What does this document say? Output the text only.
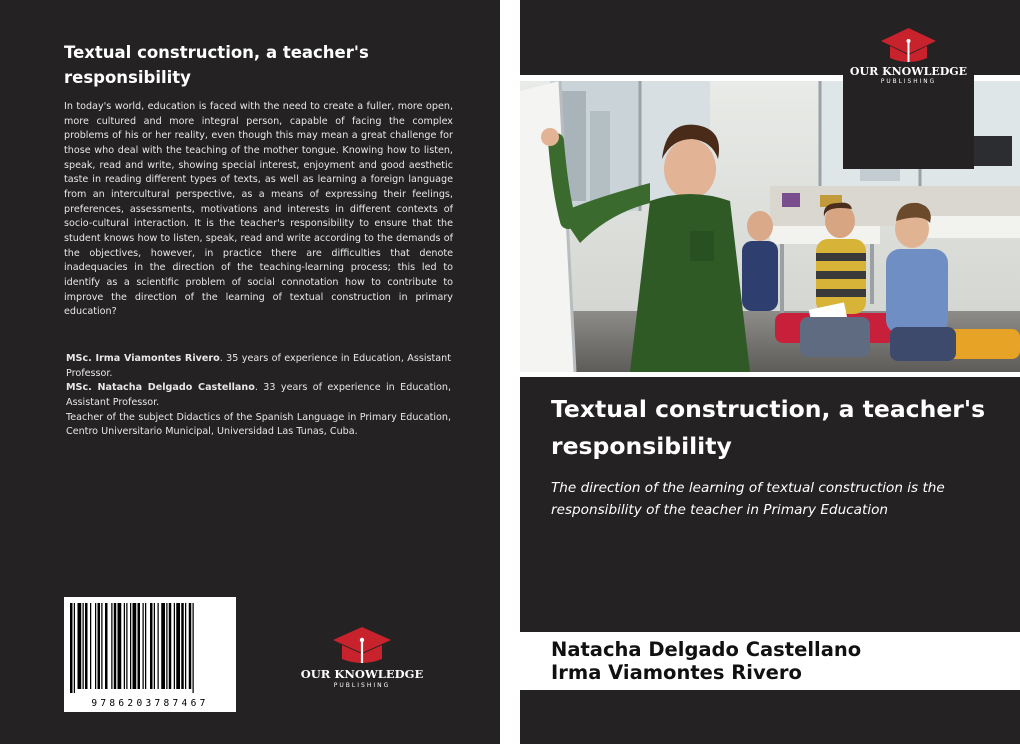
Textual construction, a teacher's responsibility

In today's world, education is faced with the need to create a fuller, more open, more cultured and more integral person, capable of facing the complex problems of his or her reality, even though this may mean a great challenge for those who deal with the teaching of the mother tongue. Knowing how to listen, speak, read and write, showing special interest, enjoyment and good aesthetic taste in reading different types of texts, as well as learning a foreign language from an intercultural perspective, as a means of expressing their feelings, preferences, assessments, motivations and interests in different contexts of socio-cultural interaction. It is the teacher's responsibility to ensure that the student knows how to listen, speak, read and write according to the demands of the objectives, however, in practice there are difficulties that denote inadequacies in the direction of the teaching-learning process; this led to identify as a scientific problem of social connotation how to contribute to improve the direction of the learning of textual construction in primary education?

MSc. Irma Viamontes Rivero. 35 years of experience in Education, Assistant Professor.

MSc. Natacha Delgado Castellano. 33 years of experience in Education, Assistant Professor.

Teacher of the subject Didactics of the Spanish Language in Primary Education, Centro Universitario Municipal, Universidad Las Tunas, Cuba.

9786203787467
OUR KNOWLEDGE
PUBLISHING
Textual construction, a teacher's responsibility

The direction of the learning of textual construction is the responsibility of the teacher in Primary Education

Natacha Delgado Castellano
Irma Viamontes Rivero
OUR KNOWLEDGE
PUBLISHING
